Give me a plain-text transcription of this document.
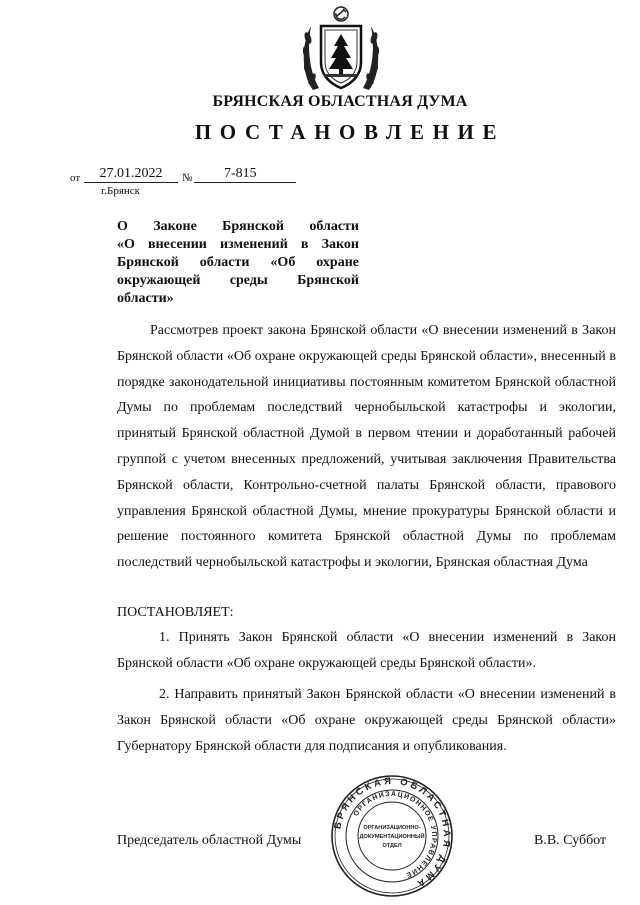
БРЯНСКАЯ ОБЛАСТНАЯ ДУМА
ПОСТАНОВЛЕНИЕ
от	27.01.2022	№	7-815
г.Брянск
О Законе Брянской области
«О внесении изменений в Закон
Брянской области «Об охране
окружающей среды Брянской
области»
Рассмотрев проект закона Брянской области «О внесении изменений в Закон Брянской области «Об охране окружающей среды Брянской области», внесенный в порядке законодательной инициативы постоянным комитетом Брянской областной Думы по проблемам последствий чернобыльской катастрофы и экологии, принятый Брянской областной Думой в первом чтении и доработанный рабочей группой с учетом внесенных предложений, учитывая заключения Правительства Брянской области, Контрольно-счетной палаты Брянской области, правового управления Брянской областной Думы, мнение прокуратуры Брянской области и решение постоянного комитета Брянской областной Думы по проблемам последствий чернобыльской катастрофы и экологии, Брянская областная Дума
ПОСТАНОВЛЯЕТ:
1. Принять Закон Брянской области «О внесении изменений в Закон Брянской области «Об охране окружающей среды Брянской области».
2. Направить принятый Закон Брянской области «О внесении изменений в Закон Брянской области «Об охране окружающей среды Брянской области» Губернатору Брянской области для подписания и опубликования.
Председатель областной Думы	В.В. Суббот
БРЯНСКАЯ ОБЛАСТНАЯ ДУМА
ОРГАНИЗАЦИОННОЕ УПРАВЛЕНИЕ
ОРГАНИЗАЦИОННО-
ДОКУМЕНТАЦИОННЫЙ
ОТДЕЛ
